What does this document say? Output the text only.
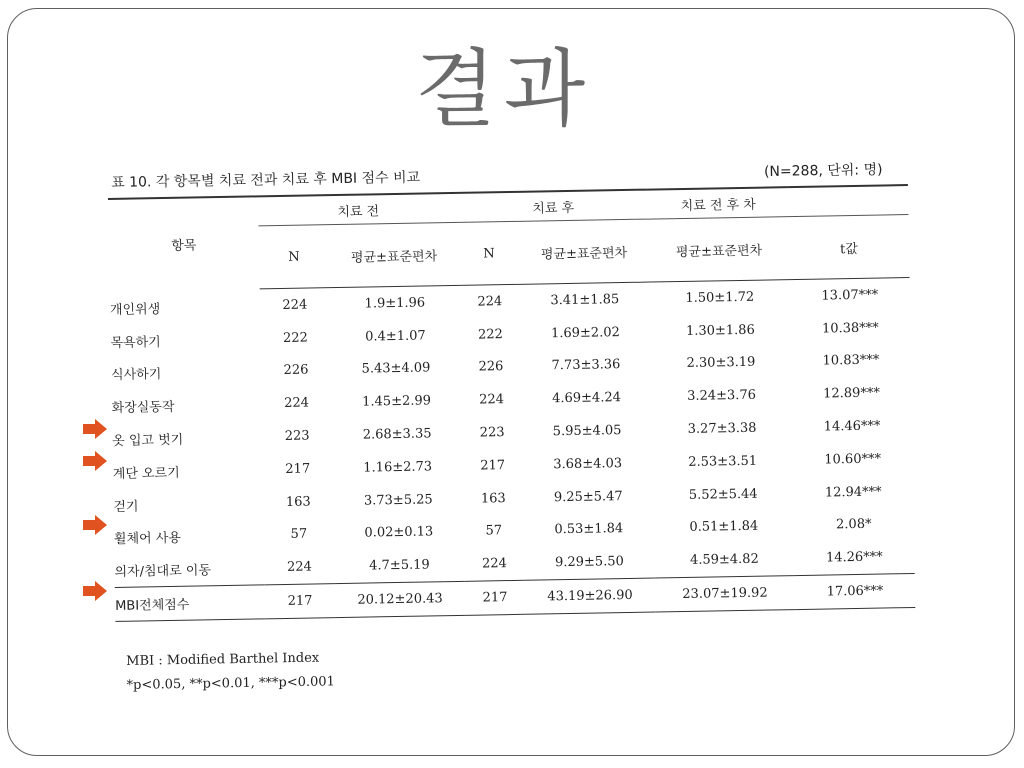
결과
표 10. 각 항목별 치료 전과 치료 후 MBI 점수 비교	(N=288, 단위: 명)
항목	치료 전		치료 후		치료 전 후 차	
	N	평균±표준편차	N	평균±표준편차	평균±표준편차	t값
개인위생	224	1.9±1.96	224	3.41±1.85	1.50±1.72	13.07***
목욕하기	222	0.4±1.07	222	1.69±2.02	1.30±1.86	10.38***
식사하기	226	5.43±4.09	226	7.73±3.36	2.30±3.19	10.83***
화장실동작	224	1.45±2.99	224	4.69±4.24	3.24±3.76	12.89***
옷 입고 벗기	223	2.68±3.35	223	5.95±4.05	3.27±3.38	14.46***
계단 오르기	217	1.16±2.73	217	3.68±4.03	2.53±3.51	10.60***
걷기	163	3.73±5.25	163	9.25±5.47	5.52±5.44	12.94***
휠체어 사용	57	0.02±0.13	57	0.53±1.84	0.51±1.84	2.08*
의자/침대로 이동	224	4.7±5.19	224	9.29±5.50	4.59±4.82	14.26***
MBI전체점수	217	20.12±20.43	217	43.19±26.90	23.07±19.92	17.06***
MBI : Modified Barthel Index
*p<0.05, **p<0.01, ***p<0.001
